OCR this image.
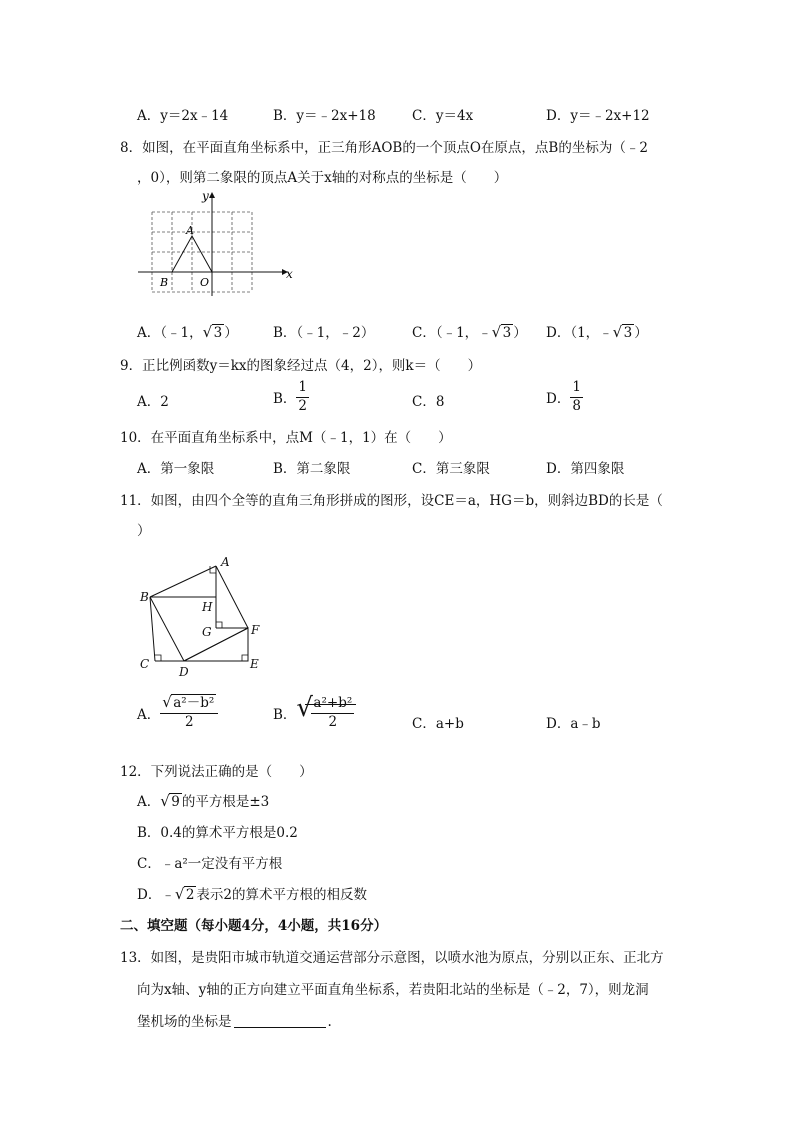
A．y＝2x﹣14	B．y＝﹣2x+18	C．y＝4x	D．y＝﹣2x+12
8．如图，在平面直角坐标系中，正三角形AOB的一个顶点O在原点，点B的坐标为（﹣2
，0），则第二象限的顶点A关于x轴的对称点的坐标是（　　）
y
x
A
B	O
A．（﹣1， √ 3 ）	B．（﹣1，﹣2）	C．（﹣1，﹣ √ 3 ） D．（1，﹣ √ 3 ）
9．正比例函数y＝kx的图象经过点（4，2），则k＝（　　）
A．2	B． $\frac{1}{2}$	C．8	D． $\frac{1}{8}$
10．在平面直角坐标系中，点M（﹣1，1）在（　　）
A．第一象限	B．第二象限	C．第三象限	D．第四象限
11．如图，由四个全等的直角三角形拼成的图形，设CE＝a，HG＝b，则斜边BD的长是（
）
A
B
C
D
E
F
G
H
A． $\frac{\text{√ a²－b²}}{2}$	B． √
$\frac{\text{a²+b²}}{2}$	C．a+b	D．a﹣b
12．下列说法正确的是（　　）
A． √ 9 的平方根是±3
B．0.4的算术平方根是0.2
C．﹣a²一定没有平方根
D．﹣ √ 2 表示2的算术平方根的相反数
二、填空题（每小题4分，4小题，共16分）
13．如图，是贵阳市城市轨道交通运营部分示意图，以喷水池为原点，分别以正东、正北方
向为x轴、y轴的正方向建立平面直角坐标系，若贵阳北站的坐标是（﹣2，7），则龙洞
堡机场的坐标是	.
